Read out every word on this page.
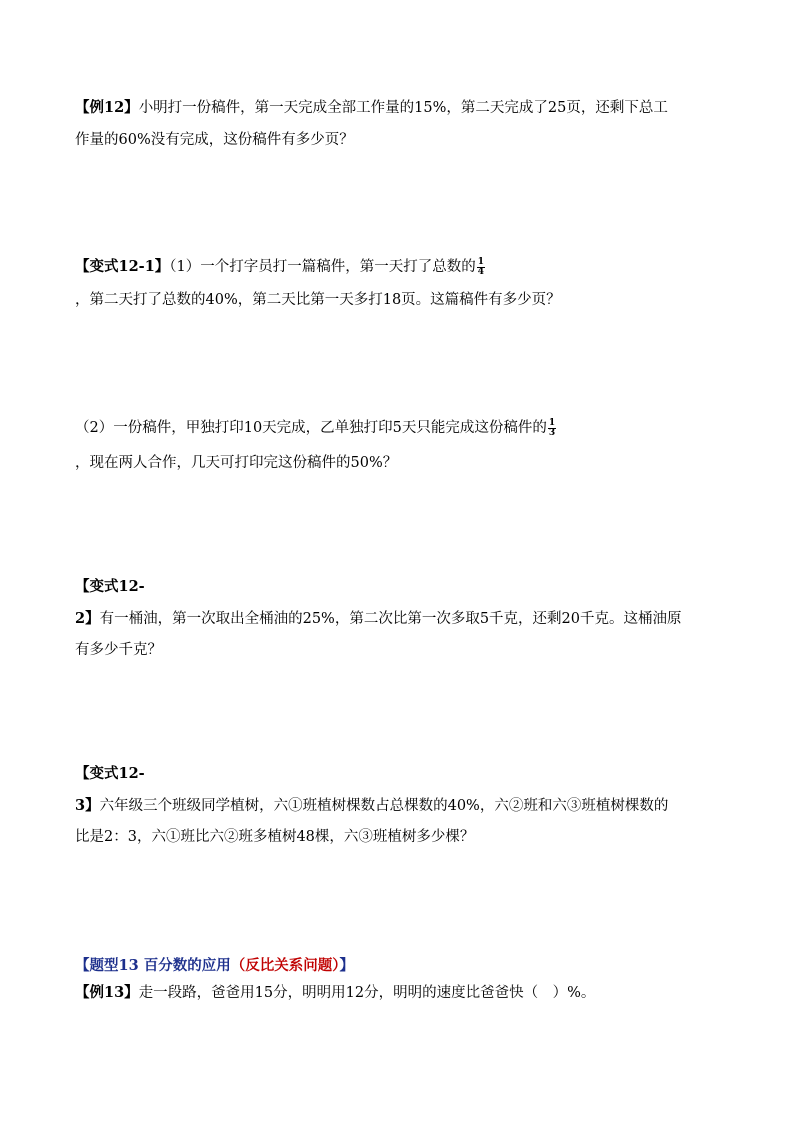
【例12】小明打一份稿件，第一天完成全部工作量的15%，第二天完成了25页，还剩下总工
作量的60%没有完成，这份稿件有多少页？
【变式12-1】（1）一个打字员打一篇稿件，第一天打了总数的 $\frac{1}{4}$
，第二天打了总数的40%，第二天比第一天多打18页。这篇稿件有多少页？
（2）一份稿件，甲独打印10天完成，乙单独打印5天只能完成这份稿件的 $\frac{1}{3}$
，现在两人合作，几天可打印完这份稿件的50%？
【变式12-
2】有一桶油，第一次取出全桶油的25%，第二次比第一次多取5千克，还剩20千克。这桶油原
有多少千克？
【变式12-
3】六年级三个班级同学植树，六①班植树棵数占总棵数的40%，六②班和六③班植树棵数的
比是2：3，六①班比六②班多植树48棵，六③班植树多少棵？
【题型13 百分数的应用（反比关系问题）】
【例13】走一段路，爸爸用15分，明明用12分，明明的速度比爸爸快（　）%。
